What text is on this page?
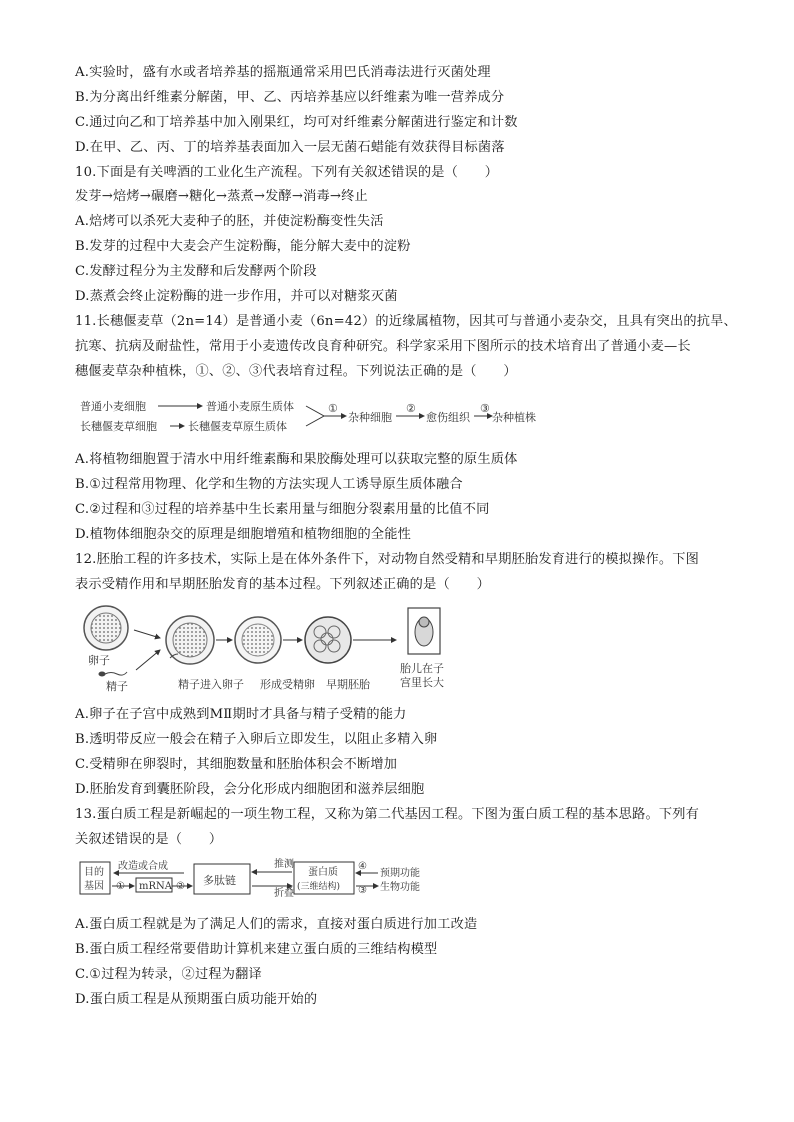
A.实验时，盛有水或者培养基的摇瓶通常采用巴氏消毒法进行灭菌处理
B.为分离出纤维素分解菌，甲、乙、丙培养基应以纤维素为唯一营养成分
C.通过向乙和丁培养基中加入刚果红，均可对纤维素分解菌进行鉴定和计数
D.在甲、乙、丙、丁的培养基表面加入一层无菌石蜡能有效获得目标菌落
10.下面是有关啤酒的工业化生产流程。下列有关叙述错误的是（　　）
发芽→焙烤→碾磨→糖化→蒸煮→发酵→消毒→终止
A.焙烤可以杀死大麦种子的胚，并使淀粉酶变性失活
B.发芽的过程中大麦会产生淀粉酶，能分解大麦中的淀粉
C.发酵过程分为主发酵和后发酵两个阶段
D.蒸煮会终止淀粉酶的进一步作用，并可以对糖浆灭菌
11.长穗偃麦草（2n=14）是普通小麦（6n=42）的近缘属植物，因其可与普通小麦杂交，且具有突出的抗旱、
抗寒、抗病及耐盐性，常用于小麦遗传改良育种研究。科学家采用下图所示的技术培育出了普通小麦—长
穗偃麦草杂种植株，①、②、③代表培育过程。下列说法正确的是（　　）
普通小麦细胞	普通小麦原生质体
长穗偃麦草细胞	长穗偃麦草原生质体
①
杂种细胞
②
愈伤组织
③
杂种植株
A.将植物细胞置于清水中用纤维素酶和果胶酶处理可以获取完整的原生质体
B.①过程常用物理、化学和生物的方法实现人工诱导原生质体融合
C.②过程和③过程的培养基中生长素用量与细胞分裂素用量的比值不同
D.植物体细胞杂交的原理是细胞增殖和植物细胞的全能性
12.胚胎工程的许多技术，实际上是在体外条件下，对动物自然受精和早期胚胎发育进行的模拟操作。下图
表示受精作用和早期胚胎发育的基本过程。下列叙述正确的是（　　）
卵子
精子	精子进入卵子 形成受精卵 早期胚胎
胎儿在子
宫里长大
A.卵子在子宫中成熟到MⅡ期时才具备与精子受精的能力
B.透明带反应一般会在精子入卵后立即发生，以阻止多精入卵
C.受精卵在卵裂时，其细胞数量和胚胎体积会不断增加
D.胚胎发育到囊胚阶段，会分化形成内细胞团和滋养层细胞
13.蛋白质工程是新崛起的一项生物工程，又称为第二代基因工程。下图为蛋白质工程的基本思路。下列有
关叙述错误的是（　　）
目的
基因
改造或合成
① mRNA ② 多肽链
推测
折叠
蛋白质
(三维结构)
④
③
预期功能
生物功能
A.蛋白质工程就是为了满足人们的需求，直接对蛋白质进行加工改造
B.蛋白质工程经常要借助计算机来建立蛋白质的三维结构模型
C.①过程为转录，②过程为翻译
D.蛋白质工程是从预期蛋白质功能开始的
